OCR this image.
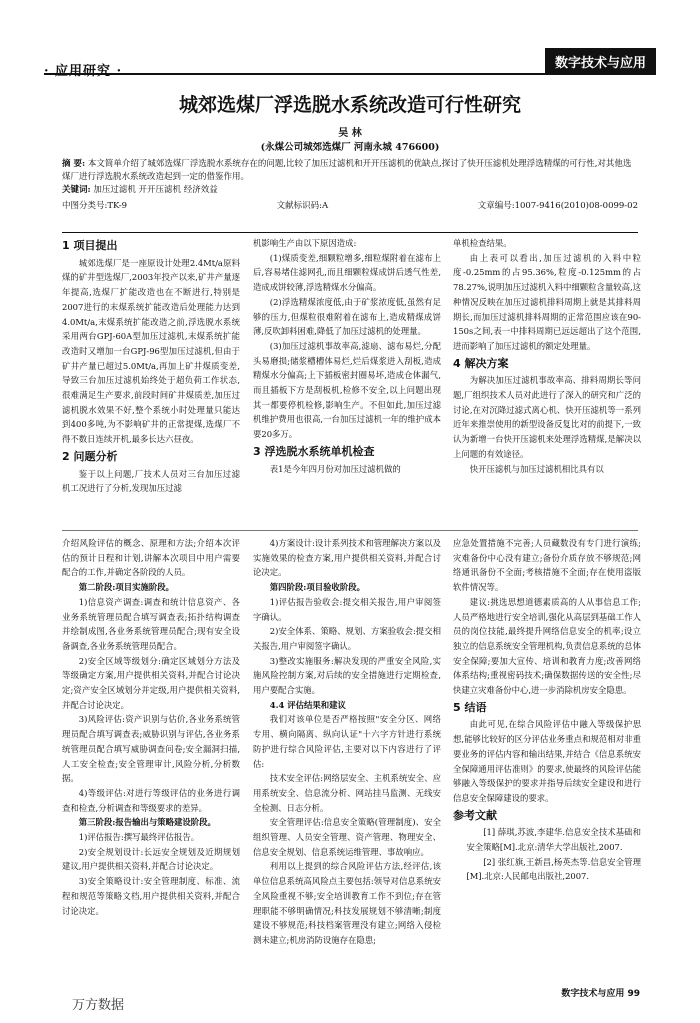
· 应用研究 ·
数字技术与应用
城郊选煤厂浮选脱水系统改造可行性研究
吴 林
(永煤公司城郊选煤厂 河南永城 476600)
摘 要: 本文简单介绍了城郊选煤厂浮选脱水系统存在的问题,比较了加压过滤机和开开压滤机的优缺点,探讨了快开压滤机处理浮选精煤的可行性,对其他选煤厂进行浮选脱水系统改造起到一定的借鉴作用。
关键词: 加压过滤机 开开压滤机 经济效益
中图分类号:TK-9	文献标识码:A	文章编号:1007-9416(2010)08-0099-02
1 项目提出

城郊选煤厂是一座原设计处理2.4Mt/a原料煤的矿井型选煤厂,2003年投产以来,矿井产量逐年提高,选煤厂扩能改造也在不断进行,特别是2007进行的末煤系统扩能改造后处理能力达到4.0Mt/a,末煤系统扩能改造之前,浮选脱水系统采用两台GPJ-60A型加压过滤机,末煤系统扩能改造时又增加一台GPJ-96型加压过滤机,但由于矿井产量已超过5.0Mt/a,再加上矿井煤质变差,导致三台加压过滤机始终处于超负荷工作状态,很难满足生产要求,前段时间矿井煤质差,加压过滤机脱水效果不好,整个系统小时处理量只能达到400多吨,为不影响矿井的正常提煤,选煤厂不得不数日连续开机,最多长达六昼夜。

2 问题分析

鉴于以上问题,厂技术人员对三台加压过滤机工况进行了分析,发现加压过滤

机影响生产由以下原因造成:

(1)煤质变差,细颗粒增多,细粒煤附着在滤布上后,容易堵住滤网孔,而且细颗粒煤成饼后透气性差,造成成饼较薄,浮选精煤水分偏高。

(2)浮选精煤浓度低,由于矿浆浓度低,虽然有足够的压力,但煤粒很难附着在滤布上,造成精煤成饼薄,反吹卸料困难,降低了加压过滤机的处理量。

(3)加压过滤机事故率高,滤扇、滤布易烂,分配头易磨损;储浆槽槽体易烂,烂后煤浆进入刮板,造成精煤水分偏高;上下插板密封圈易坏,造成仓体漏气,而且插板下方是刮板机,检修不安全,以上问题出现其一都要停机检修,影响生产。不但如此,加压过滤机维护费用也很高,一台加压过滤机一年的维护成本要20多万。

3 浮选脱水系统单机检查

表1是今年四月份对加压过滤机做的

单机检查结果。

由上表可以看出,加压过滤机的入料中粒度-0.25mm的占95.36%,粒度-0.125mm的占78.27%,说明加压过滤机入料中细颗粒含量较高,这种情况反映在加压过滤机排料周期上就是其排料周期长,而加压过滤机排料周期的正常范围应该在90-150s之间,表一中排料周期已远远超出了这个范围,进而影响了加压过滤机的额定处理量。

4 解决方案

为解决加压过滤机事故率高、排料周期长等问题,厂组织技术人员对此进行了深入的研究和广泛的讨论,在对沉降过滤式离心机、快开压滤机等一系列近年来推崇使用的新型设备反复比对的前提下,一致认为新增一台快开压滤机来处理浮选精煤,是解决以上问题的有效途径。

快开压滤机与加压过滤机相比具有以

介绍风险评估的概念、原理和方法;介绍本次评估的预计日程和计划,讲解本次项目中用户需要配合的工作,并确定各阶段的人员。

第二阶段:项目实施阶段。

1)信息资产调查:调查和统计信息资产、各业务系统管理员配合填写调查表;拓扑结构调查并绘制成图,各业务系统管理员配合;现有安全设备调查,各业务系统管理员配合。

2)安全区域等级划分:确定区域划分方法及等级确定方案,用户提供相关资料,并配合讨论决定;资产安全区域划分并定级,用户提供相关资料,并配合讨论决定。

3)风险评估:资产识别与估价,各业务系统管理员配合填写调查表;威胁识别与评估,各业务系统管理员配合填写威胁调查问卷;安全漏洞扫描,人工安全检查;安全管理审计,风险分析,分析数据。

4)等级评估:对进行等级评估的业务进行调查和检查,分析调查和等级要求的差异。

第三阶段:报告输出与策略建设阶段。

1)评估报告:撰写最终评估报告。

2)安全规划设计:长远安全规划及近期规划建议,用户提供相关资料,并配合讨论决定。

3)安全策略设计:安全管理制度、标准、流程和规范等策略文档,用户提供相关资料,并配合讨论决定。

4)方案设计:设计系列技术和管理解决方案以及实施效果的检查方案,用户提供相关资料,并配合讨论决定。

第四阶段:项目验收阶段。

1)评估报告验收会:提交相关报告,用户审阅签字确认。

2)安全体系、策略、规划、方案验收会:提交相关报告,用户审阅签字确认。

3)整改实施服务:解决发现的严重安全风险,实施风险控制方案,对后续的安全措施进行定期检查,用户要配合实施。

4.4 评估结果和建议

我们对该单位是否严格按照"安全分区、网络专用、横向隔离、纵向认证"十六字方针进行系统防护进行综合风险评估,主要对以下内容进行了评估:

技术安全评估:网络层安全、主机系统安全、应用系统安全、信息流分析、网站挂马监测、无线安全检测、日志分析。

安全管理评估:信息安全策略(管理制度)、安全组织管理、人员安全管理、资产管理、物理安全、信息安全规划、信息系统运维管理、事故响应。

利用以上提到的综合风险评估方法,经评估,该单位信息系统高风险点主要包括:领导对信息系统安全风险重视不够;安全培训教育工作不到位;存在管理职能不够明确情况;科技发展规划不够清晰;制度建设不够规范;科技档案管理没有建立;网络入侵检测未建立;机房消防设施存在隐患;

应急处置措施不完善;人员藏数没有专门进行演练;灾难备份中心没有建立;备份介质存放不够规范;网络通讯备份不全面;考核措施不全面;存在使用盗版软件情况等。

建议:挑选思想道德素质高的人从事信息工作;人员严格地进行安全培训,强化从高层到基础工作人员的岗位技能,最终提升网络信息安全的机率;设立独立的信息系统安全管理机构,负责信息系统的总体安全保障;要加大宣传、培训和教育力度;改善网络体系结构;重视密码技术;确保数据传送的安全性;尽快建立灾难备份中心,进一步消除机房安全隐患。

5 结语

由此可见,在综合风险评估中融入等级保护思想,能够比较好的区分评估业务重点和规范相对非重要业务的评估内容和输出结果,并结合《信息系统安全保障通用评估准则》的要求,使最终的风险评估能够融入等级保护的要求并指导后续安全建设和进行信息安全保障建设的要求。

参考文献

[1] 薛琪,苏波,李建华.信息安全技术基础和安全策略[M].北京:清华大学出版社,2007.

[2] 张红旗,王新昌,杨英杰等.信息安全管理[M].北京:人民邮电出版社,2007.

数字技术与应用 99
万方数据
